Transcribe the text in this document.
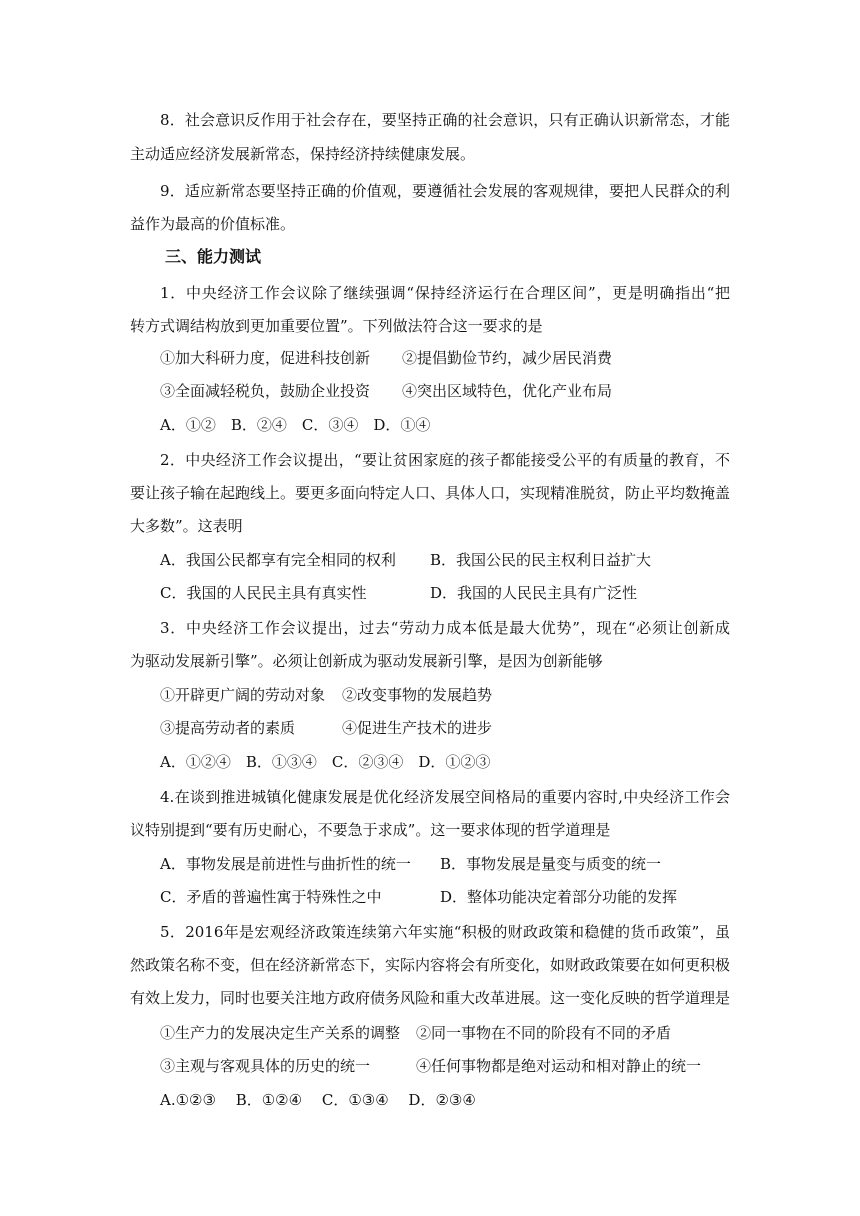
8．社会意识反作用于社会存在，要坚持正确的社会意识，只有正确认识新常态，才能
主动适应经济发展新常态，保持经济持续健康发展。
9．适应新常态要坚持正确的价值观，要遵循社会发展的客观规律，要把人民群众的利
益作为最高的价值标准。
三、能力测试
1．中央经济工作会议除了继续强调“保持经济运行在合理区间”，更是明确指出“把
转方式调结构放到更加重要位置”。下列做法符合这一要求的是
①加大科研力度，促进科技创新 ②提倡勤俭节约，减少居民消费
③全面减轻税负，鼓励企业投资 ④突出区域特色，优化产业布局
A．①②　B．②④　C．③④　D．①④
2．中央经济工作会议提出，“要让贫困家庭的孩子都能接受公平的有质量的教育，不
要让孩子输在起跑线上。要更多面向特定人口、具体人口，实现精准脱贫，防止平均数掩盖
大多数”。这表明
A．我国公民都享有完全相同的权利 B．我国公民的民主权利日益扩大
C．我国的人民民主具有真实性	D．我国的人民民主具有广泛性
3．中央经济工作会议提出，过去“劳动力成本低是最大优势”，现在“必须让创新成
为驱动发展新引擎”。必须让创新成为驱动发展新引擎，是因为创新能够
①开辟更广阔的劳动对象 ②改变事物的发展趋势
③提高劳动者的素质	④促进生产技术的进步
A．①②④　B．①③④　C．②③④　D．①②③
4.在谈到推进城镇化健康发展是优化经济发展空间格局的重要内容时,中央经济工作会
议特别提到“要有历史耐心，不要急于求成”。这一要求体现的哲学道理是
A．事物发展是前进性与曲折性的统一 B．事物发展是量变与质变的统一
C．矛盾的普遍性寓于特殊性之中	D．整体功能决定着部分功能的发挥
5．2016年是宏观经济政策连续第六年实施“积极的财政政策和稳健的货币政策”，虽
然政策名称不变，但在经济新常态下，实际内容将会有所变化，如财政政策要在如何更积极
有效上发力，同时也要关注地方政府债务风险和重大改革进展。这一变化反映的哲学道理是
①生产力的发展决定生产关系的调整 ②同一事物在不同的阶段有不同的矛盾
③主观与客观具体的历史的统一	④任何事物都是绝对运动和相对静止的统一
A.①②③　 B．①②④　 C．①③④　 D．②③④
